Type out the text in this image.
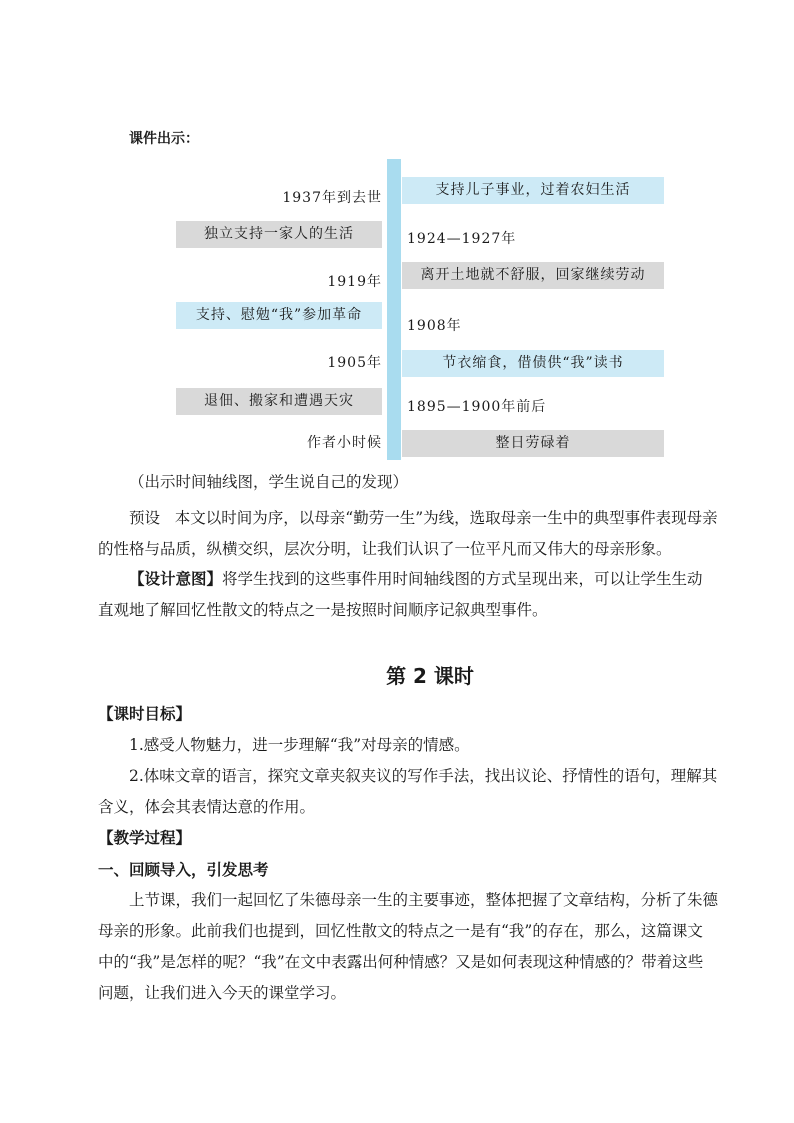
课件出示：
1937年到去世
独立支持一家人的生活
1919年
支持、慰勉“我”参加革命
1905年
退佃、搬家和遭遇天灾
作者小时候
支持儿子事业，过着农妇生活
1924—1927年
离开土地就不舒服，回家继续劳动
1908年
节衣缩食，借债供“我”读书
1895—1900年前后
整日劳碌着
（出示时间轴线图，学生说自己的发现）
预设 本文以时间为序，以母亲“勤劳一生”为线，选取母亲一生中的典型事件表现母亲的性格与品质，纵横交织，层次分明，让我们认识了一位平凡而又伟大的母亲形象。
【设计意图】将学生找到的这些事件用时间轴线图的方式呈现出来，可以让学生生动直观地了解回忆性散文的特点之一是按照时间顺序记叙典型事件。
第 2 课时
【课时目标】
1.感受人物魅力，进一步理解“我”对母亲的情感。
2.体味文章的语言，探究文章夹叙夹议的写作手法，找出议论、抒情性的语句，理解其含义，体会其表情达意的作用。
【教学过程】
一、回顾导入，引发思考
上节课，我们一起回忆了朱德母亲一生的主要事迹，整体把握了文章结构，分析了朱德母亲的形象。此前我们也提到，回忆性散文的特点之一是有“我”的存在，那么，这篇课文中的“我”是怎样的呢？“我”在文中表露出何种情感？又是如何表现这种情感的？带着这些问题，让我们进入今天的课堂学习。
